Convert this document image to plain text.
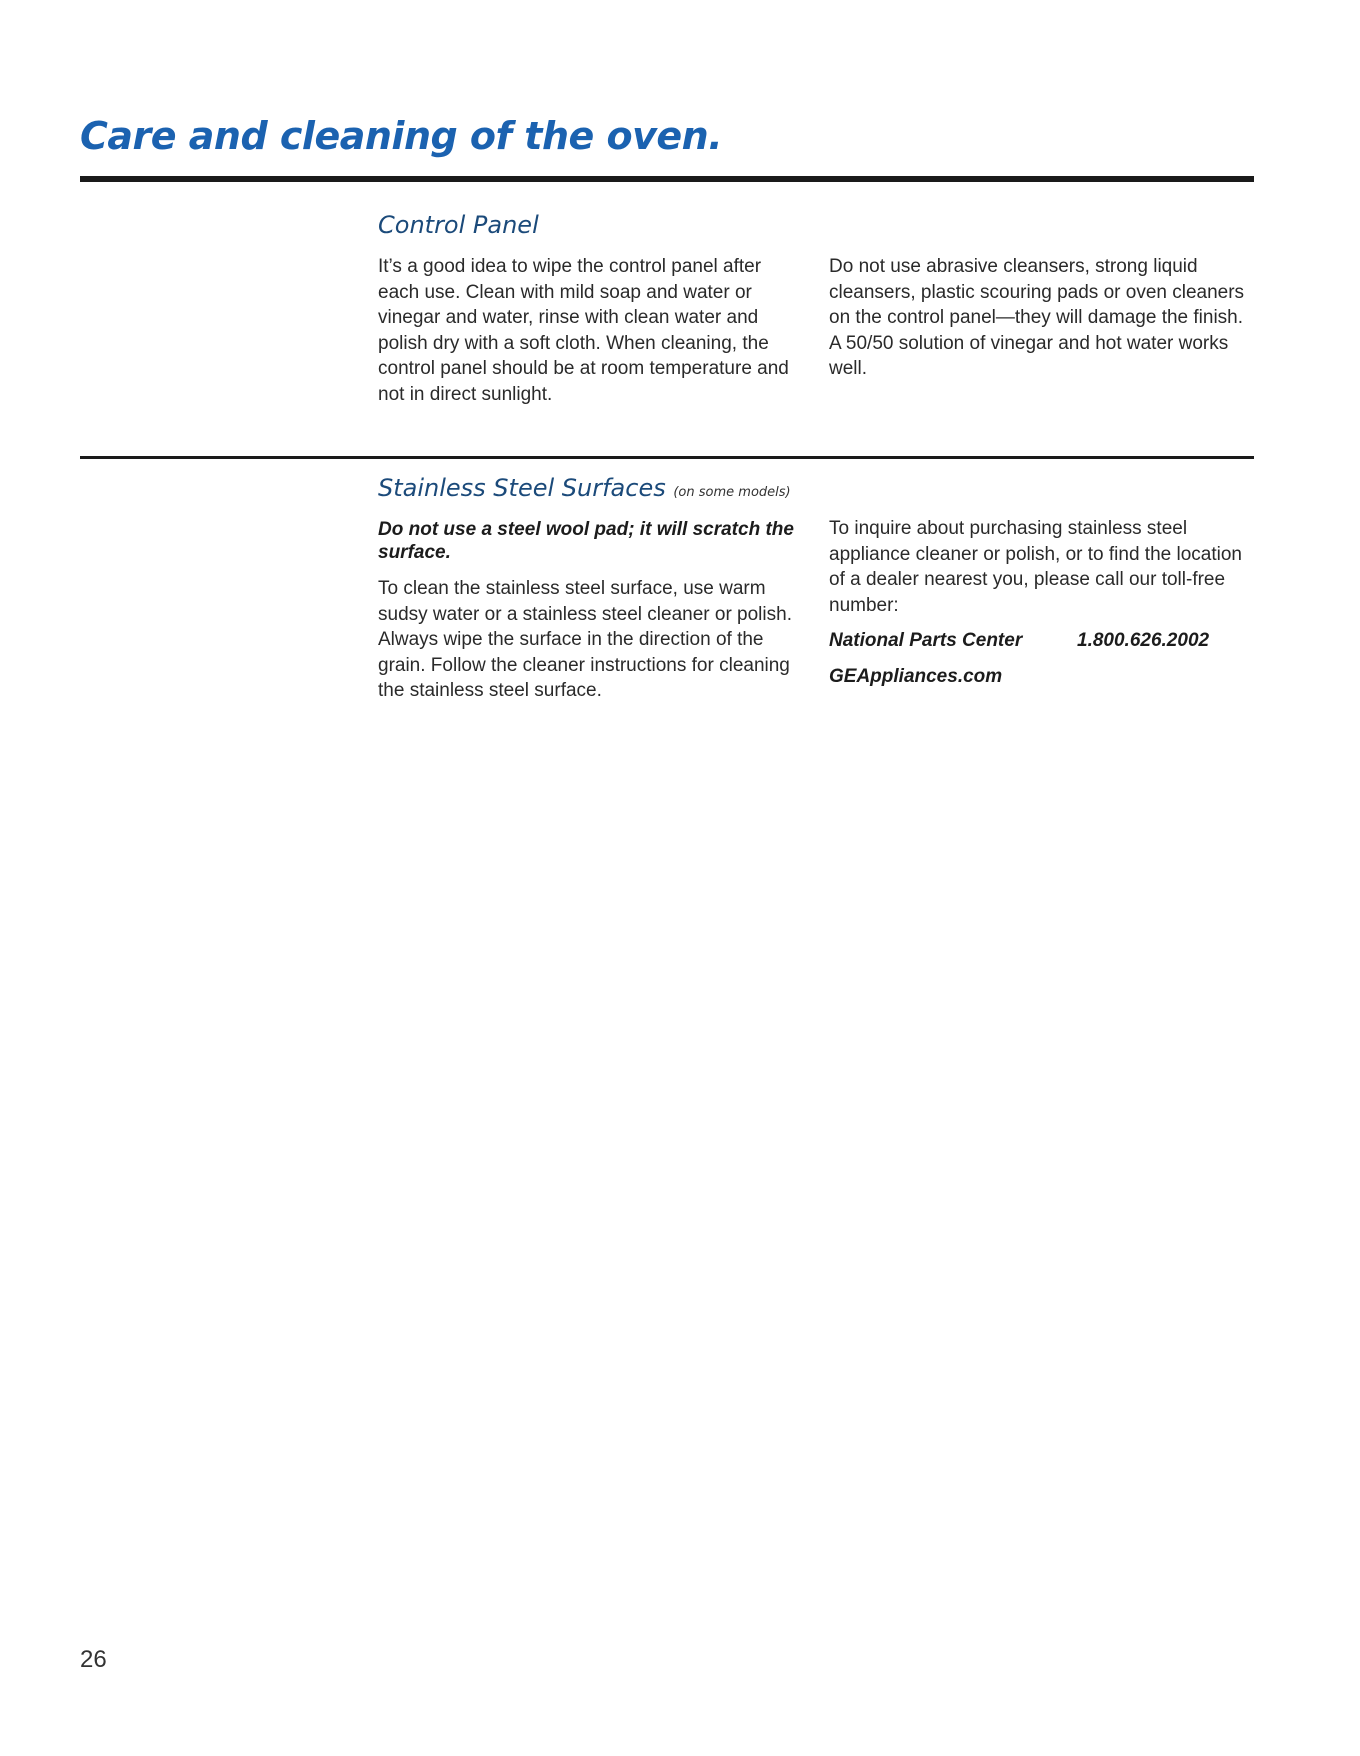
Care and cleaning of the oven.
Control Panel

It’s a good idea to wipe the control panel after each use. Clean with mild soap and water or vinegar and water, rinse with clean water and polish dry with a soft cloth. When cleaning, the control panel should be at room temperature and not in direct sunlight.

Do not use abrasive cleansers, strong liquid cleansers, plastic scouring pads or oven cleaners on the control panel—they will damage the finish. A 50/50 solution of vinegar and hot water works well.

Stainless Steel Surfaces (on some models)

Do not use a steel wool pad; it will scratch the surface.

To clean the stainless steel surface, use warm sudsy water or a stainless steel cleaner or polish. Always wipe the surface in the direction of the grain. Follow the cleaner instructions for cleaning the stainless steel surface.

To inquire about purchasing stainless steel appliance cleaner or polish, or to find the location of a dealer nearest you, please call our toll-free number:

National Parts Center	1.800.626.2002

GEAppliances.com

26
